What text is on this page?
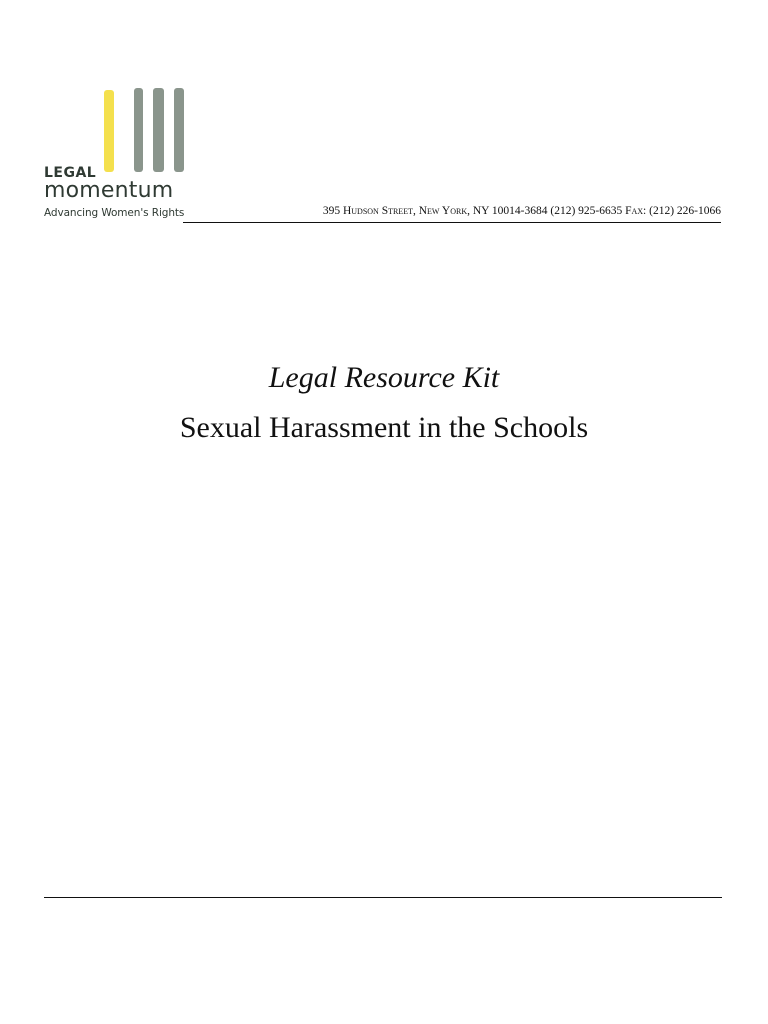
LEGAL
momentum
Advancing Women's Rights	395 Hudson Street, New York, NY 10014-3684 (212) 925-6635 Fax: (212) 226-1066
Legal Resource Kit
Sexual Harassment in the Schools
